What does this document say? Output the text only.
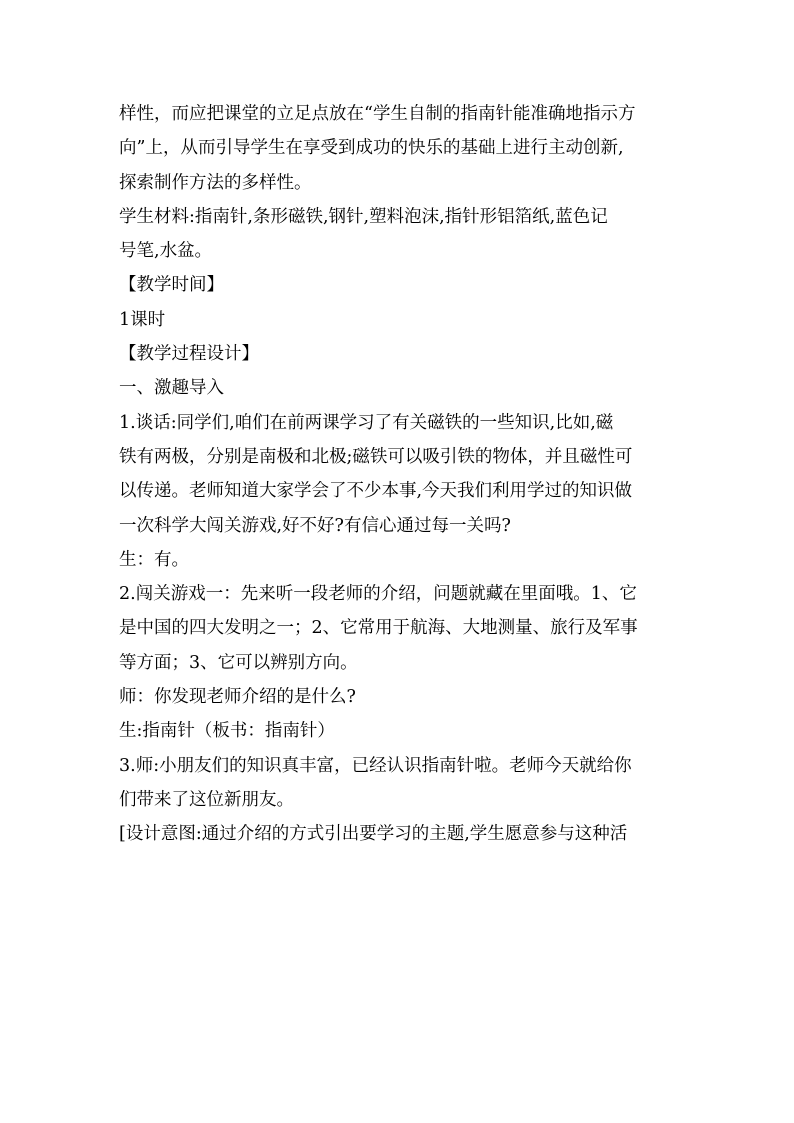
样性，而应把课堂的立足点放在“学生自制的指南针能准确地指示方
向”上，从而引导学生在享受到成功的快乐的基础上进行主动创新,
探索制作方法的多样性。
学生材料:指南针,条形磁铁,钢针,塑料泡沫,指针形铝箔纸,蓝色记
号笔,水盆。
【教学时间】
1课时
【教学过程设计】
一、激趣导入
1.谈话:同学们,咱们在前两课学习了有关磁铁的一些知识,比如,磁
铁有两极，分别是南极和北极;磁铁可以吸引铁的物体，并且磁性可
以传递。老师知道大家学会了不少本事,今天我们利用学过的知识做
一次科学大闯关游戏,好不好?有信心通过每一关吗?
生：有。
2.闯关游戏一：先来听一段老师的介绍，问题就藏在里面哦。1、它
是中国的四大发明之一；2、它常用于航海、大地测量、旅行及军事
等方面；3、它可以辨别方向。
师：你发现老师介绍的是什么?
生:指南针（板书：指南针）
3.师:小朋友们的知识真丰富，已经认识指南针啦。老师今天就给你
们带来了这位新朋友。
[设计意图:通过介绍的方式引出要学习的主题,学生愿意参与这种活
